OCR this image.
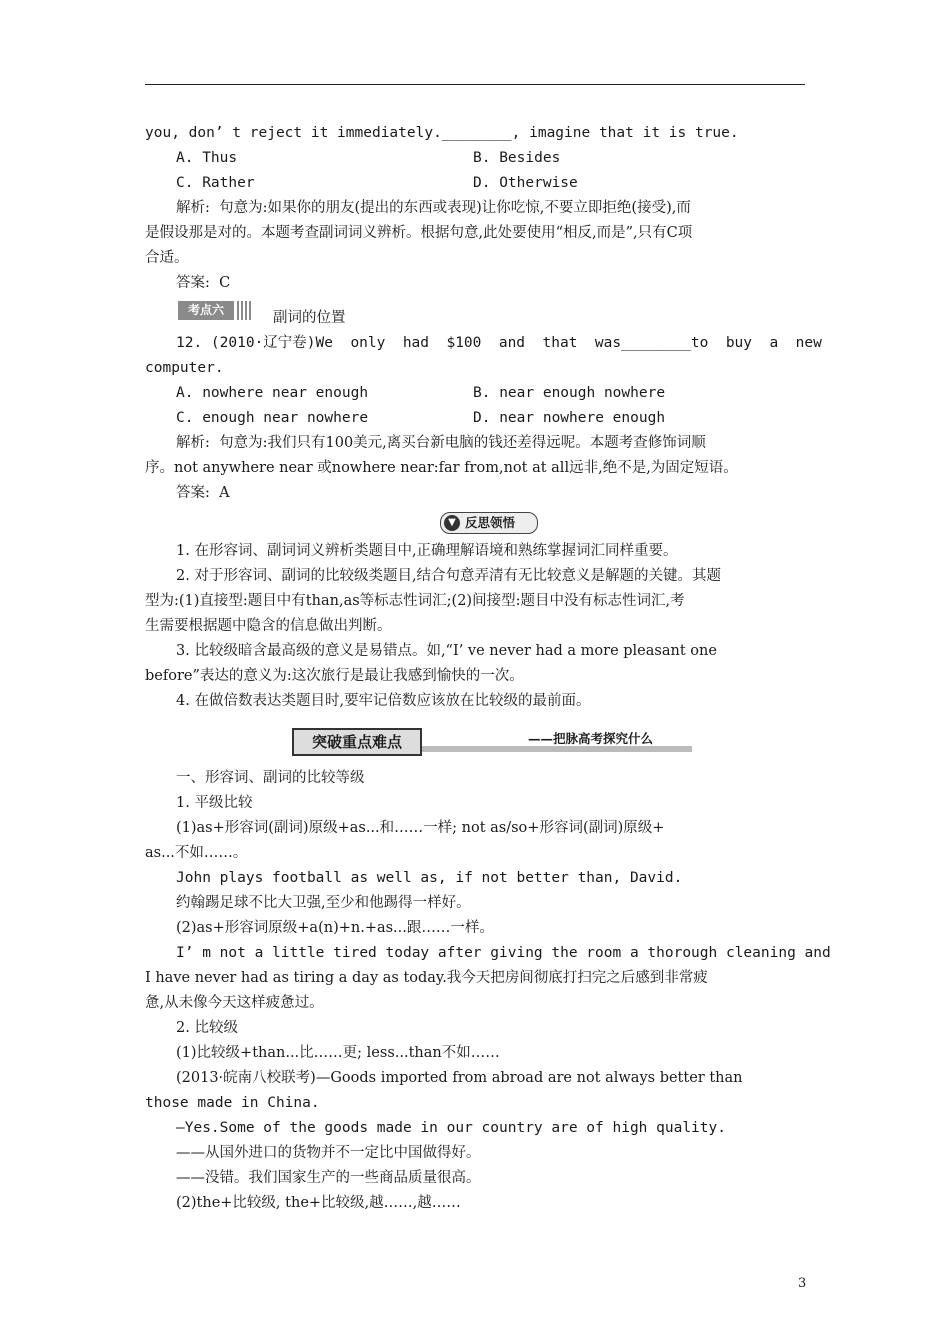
you, don’ t reject it immediately.________, imagine that it is true.
A. Thus	B. Besides
C. Rather	D. Otherwise
解析:  句意为:如果你的朋友(提出的东西或表现)让你吃惊,不要立即拒绝(接受),而
是假设那是对的。本题考查副词词义辨析。根据句意,此处要使用“相反,而是”,只有C项
合适。
答案:  C
考点六	副词的位置
12. (2010·辽宁卷)We  only  had  $100  and  that  was________to  buy  a  new
computer.
A. nowhere near enough	B. near enough nowhere
C. enough near nowhere	D. near nowhere enough
解析:  句意为:我们只有100美元,离买台新电脑的钱还差得远呢。本题考查修饰词顺
序。not anywhere near 或nowhere near:far from,not at all远非,绝不是,为固定短语。
答案:  A
▼ 反思领悟
1. 在形容词、副词词义辨析类题目中,正确理解语境和熟练掌握词汇同样重要。
2. 对于形容词、副词的比较级类题目,结合句意弄清有无比较意义是解题的关键。其题
型为:(1)直接型:题目中有than,as等标志性词汇;(2)间接型:题目中没有标志性词汇,考
生需要根据题中隐含的信息做出判断。
3. 比较级暗含最高级的意义是易错点。如,“I’ ve never had a more pleasant one
before”表达的意义为:这次旅行是最让我感到愉快的一次。
4. 在做倍数表达类题目时,要牢记倍数应该放在比较级的最前面。
突破重点难点	——把脉高考探究什么
一、形容词、副词的比较等级
1. 平级比较
(1)as+形容词(副词)原级+as...和……一样; not as/so+形容词(副词)原级+
as...不如……。
John plays football as well as, if not better than, David.
约翰踢足球不比大卫强,至少和他踢得一样好。
(2)as+形容词原级+a(n)+n.+as...跟……一样。
I’ m not a little tired today after giving the room a thorough cleaning and
I have never had as tiring a day as today.我今天把房间彻底打扫完之后感到非常疲
惫,从未像今天这样疲惫过。
2. 比较级
(1)比较级+than...比……更; less...than不如……
(2013·皖南八校联考)—Goods imported from abroad are not always better than
those made in China.
—Yes.Some of the goods made in our country are of high quality.
——从国外进口的货物并不一定比中国做得好。
——没错。我们国家生产的一些商品质量很高。
(2)the+比较级, the+比较级,越……,越……
3
